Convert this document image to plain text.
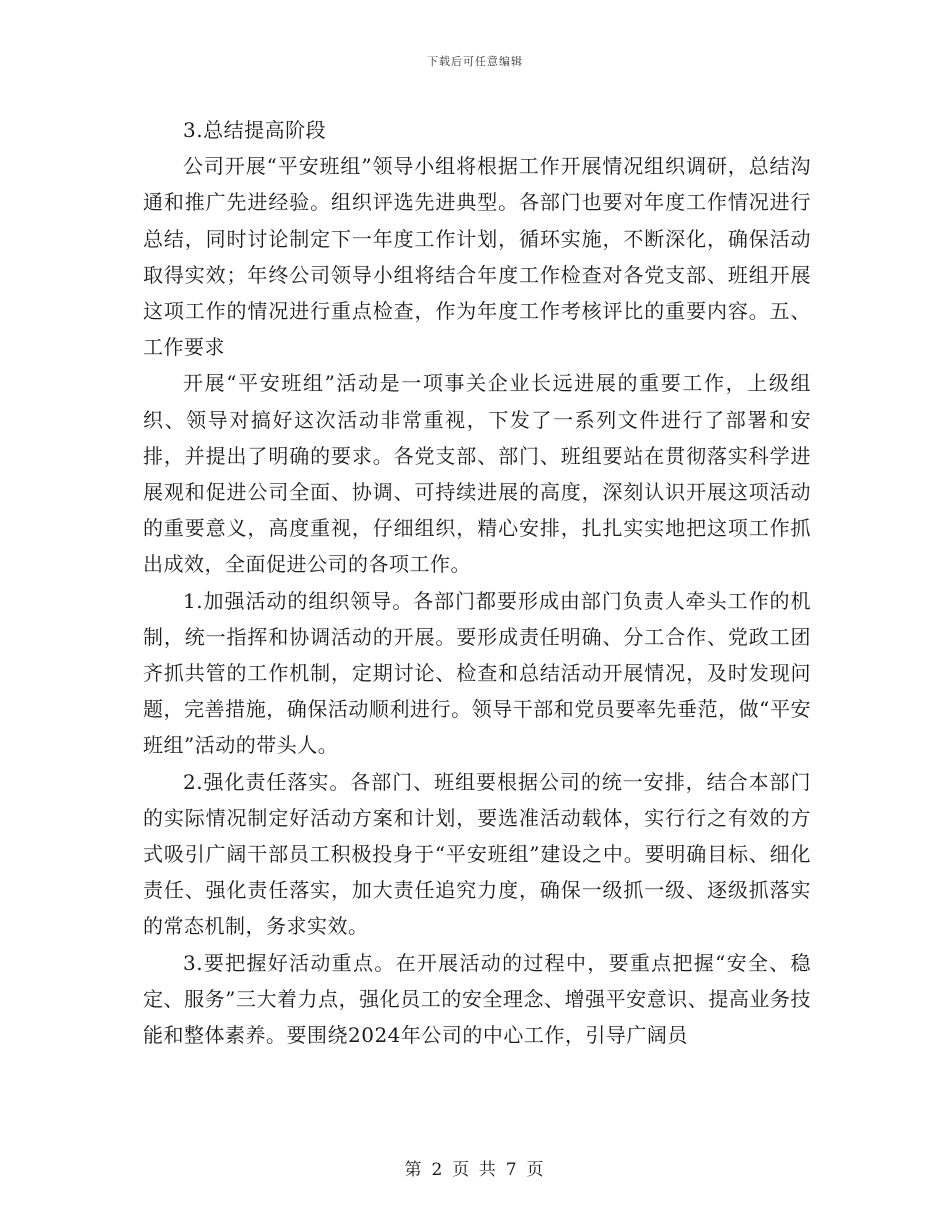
下载后可任意编辑

3.总结提高阶段

公司开展“平安班组”领导小组将根据工作开展情况组织调研，总结沟通和推广先进经验。组织评选先进典型。各部门也要对年度工作情况进行总结，同时讨论制定下一年度工作计划，循环实施，不断深化，确保活动取得实效；年终公司领导小组将结合年度工作检查对各党支部、班组开展这项工作的情况进行重点检查，作为年度工作考核评比的重要内容。五、工作要求

开展“平安班组”活动是一项事关企业长远进展的重要工作，上级组织、领导对搞好这次活动非常重视，下发了一系列文件进行了部署和安排，并提出了明确的要求。各党支部、部门、班组要站在贯彻落实科学进展观和促进公司全面、协调、可持续进展的高度，深刻认识开展这项活动的重要意义，高度重视，仔细组织，精心安排，扎扎实实地把这项工作抓出成效，全面促进公司的各项工作。

1.加强活动的组织领导。各部门都要形成由部门负责人牵头工作的机制，统一指挥和协调活动的开展。要形成责任明确、分工合作、党政工团齐抓共管的工作机制，定期讨论、检查和总结活动开展情况，及时发现问题，完善措施，确保活动顺利进行。领导干部和党员要率先垂范，做“平安班组”活动的带头人。

2.强化责任落实。各部门、班组要根据公司的统一安排，结合本部门的实际情况制定好活动方案和计划，要选准活动载体，实行行之有效的方式吸引广阔干部员工积极投身于“平安班组”建设之中。要明确目标、细化责任、强化责任落实，加大责任追究力度，确保一级抓一级、逐级抓落实的常态机制，务求实效。

3.要把握好活动重点。在开展活动的过程中，要重点把握“安全、稳定、服务”三大着力点，强化员工的安全理念、增强平安意识、提高业务技能和整体素养。要围绕2024年公司的中心工作，引导广阔员

第 2 页 共 7 页
